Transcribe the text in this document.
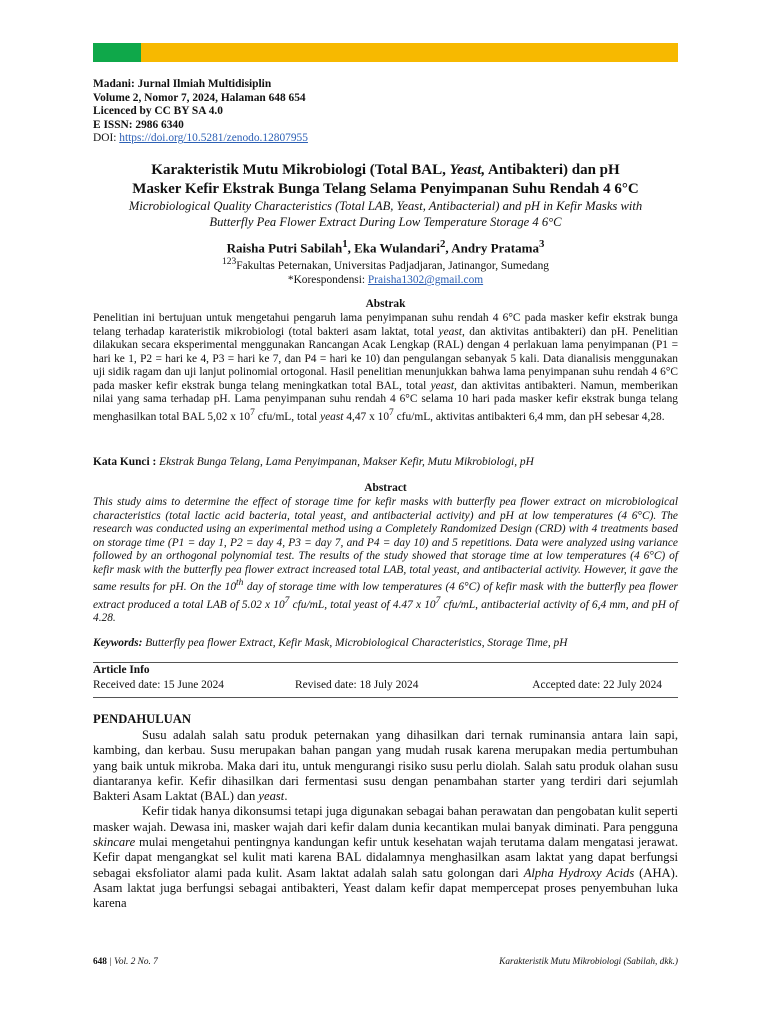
Madani: Jurnal Ilmiah Multidisiplin
Volume 2, Nomor 7, 2024, Halaman 648 654
Licenced by CC BY SA 4.0
E ISSN: 2986 6340
DOI: https://doi.org/10.5281/zenodo.12807955
Karakteristik Mutu Mikrobiologi (Total BAL, Yeast, Antibakteri) dan pH
Masker Kefir Ekstrak Bunga Telang Selama Penyimpanan Suhu Rendah 4 6°C
Microbiological Quality Characteristics (Total LAB, Yeast, Antibacterial) and pH in Kefir Masks with
Butterfly Pea Flower Extract During Low Temperature Storage 4 6°C
Raisha Putri Sabilah$^1$, Eka Wulandari$^2$, Andry Pratama$^3$
$^{123}$Fakultas Peternakan, Universitas Padjadjaran, Jatinangor, Sumedang
*Korespondensi: Praisha1302@gmail.com
Abstrak
Penelitian ini bertujuan untuk mengetahui pengaruh lama penyimpanan suhu rendah 4 6°C pada masker kefir ekstrak bunga telang terhadap karateristik mikrobiologi (total bakteri asam laktat, total yeast, dan aktivitas antibakteri) dan pH. Penelitian dilakukan secara eksperimental menggunakan Rancangan Acak Lengkap (RAL) dengan 4 perlakuan lama penyimpanan (P1 = hari ke 1, P2 = hari ke 4, P3 = hari ke 7, dan P4 = hari ke 10) dan pengulangan sebanyak 5 kali. Data dianalisis menggunakan uji sidik ragam dan uji lanjut polinomial ortogonal. Hasil penelitian menunjukkan bahwa lama penyimpanan suhu rendah 4 6°C pada masker kefir ekstrak bunga telang meningkatkan total BAL, total yeast, dan aktivitas antibakteri. Namun, memberikan nilai yang sama terhadap pH. Lama penyimpanan suhu rendah 4 6°C selama 10 hari pada masker kefir ekstrak bunga telang menghasilkan total BAL 5,02 x $10^7$ cfu/mL, total yeast 4,47 x $10^7$ cfu/mL, aktivitas antibakteri 6,4 mm, dan pH sebesar 4,28.
Kata Kunci : Ekstrak Bunga Telang, Lama Penyimpanan, Makser Kefir, Mutu Mikrobiologi, pH
Abstract
This study aims to determine the effect of storage time for kefir masks with butterfly pea flower extract on microbiological characteristics (total lactic acid bacteria, total yeast, and antibacterial activity) and pH at low temperatures (4 6°C). The research was conducted using an experimental method using a Completely Randomized Design (CRD) with 4 treatments based on storage time (P1 = day 1, P2 = day 4, P3 = day 7, and P4 = day 10) and 5 repetitions. Data were analyzed using variance followed by an orthogonal polynomial test. The results of the study showed that storage time at low temperatures (4 6°C) of kefir mask with the butterfly pea flower extract increased total LAB, total yeast, and antibacterial activity. However, it gave the same results for pH. On the 10th day of storage time with low temperatures (4 6°C) of kefir mask with the butterfly pea flower extract produced a total LAB of 5.02 x $10^7$ cfu/mL, total yeast of 4.47 x $10^7$ cfu/mL, antibacterial activity of 6,4 mm, and pH of 4.28.
Keywords: Butterfly pea flower Extract, Kefir Mask, Microbiological Characteristics, Storage Time, pH
Article Info
Received date: 15 June 2024	Revised date: 18 July 2024	Accepted date: 22 July 2024
PENDAHULUAN

Susu adalah salah satu produk peternakan yang dihasilkan dari ternak ruminansia antara lain sapi, kambing, dan kerbau. Susu merupakan bahan pangan yang mudah rusak karena merupakan media pertumbuhan yang baik untuk mikroba. Maka dari itu, untuk mengurangi risiko susu perlu diolah. Salah satu produk olahan susu diantaranya kefir. Kefir dihasilkan dari fermentasi susu dengan penambahan starter yang terdiri dari sejumlah Bakteri Asam Laktat (BAL) dan yeast.

Kefir tidak hanya dikonsumsi tetapi juga digunakan sebagai bahan perawatan dan pengobatan kulit seperti masker wajah. Dewasa ini, masker wajah dari kefir dalam dunia kecantikan mulai banyak diminati. Para pengguna skincare mulai mengetahui pentingnya kandungan kefir untuk kesehatan wajah terutama dalam mengatasi jerawat. Kefir dapat mengangkat sel kulit mati karena BAL didalamnya menghasilkan asam laktat yang dapat berfungsi sebagai eksfoliator alami pada kulit. Asam laktat adalah salah satu golongan dari Alpha Hydroxy Acids (AHA). Asam laktat juga berfungsi sebagai antibakteri, Yeast dalam kefir dapat mempercepat proses penyembuhan luka karena

648 | Vol. 2 No. 7	Karakteristik Mutu Mikrobiologi (Sabilah, dkk.)
